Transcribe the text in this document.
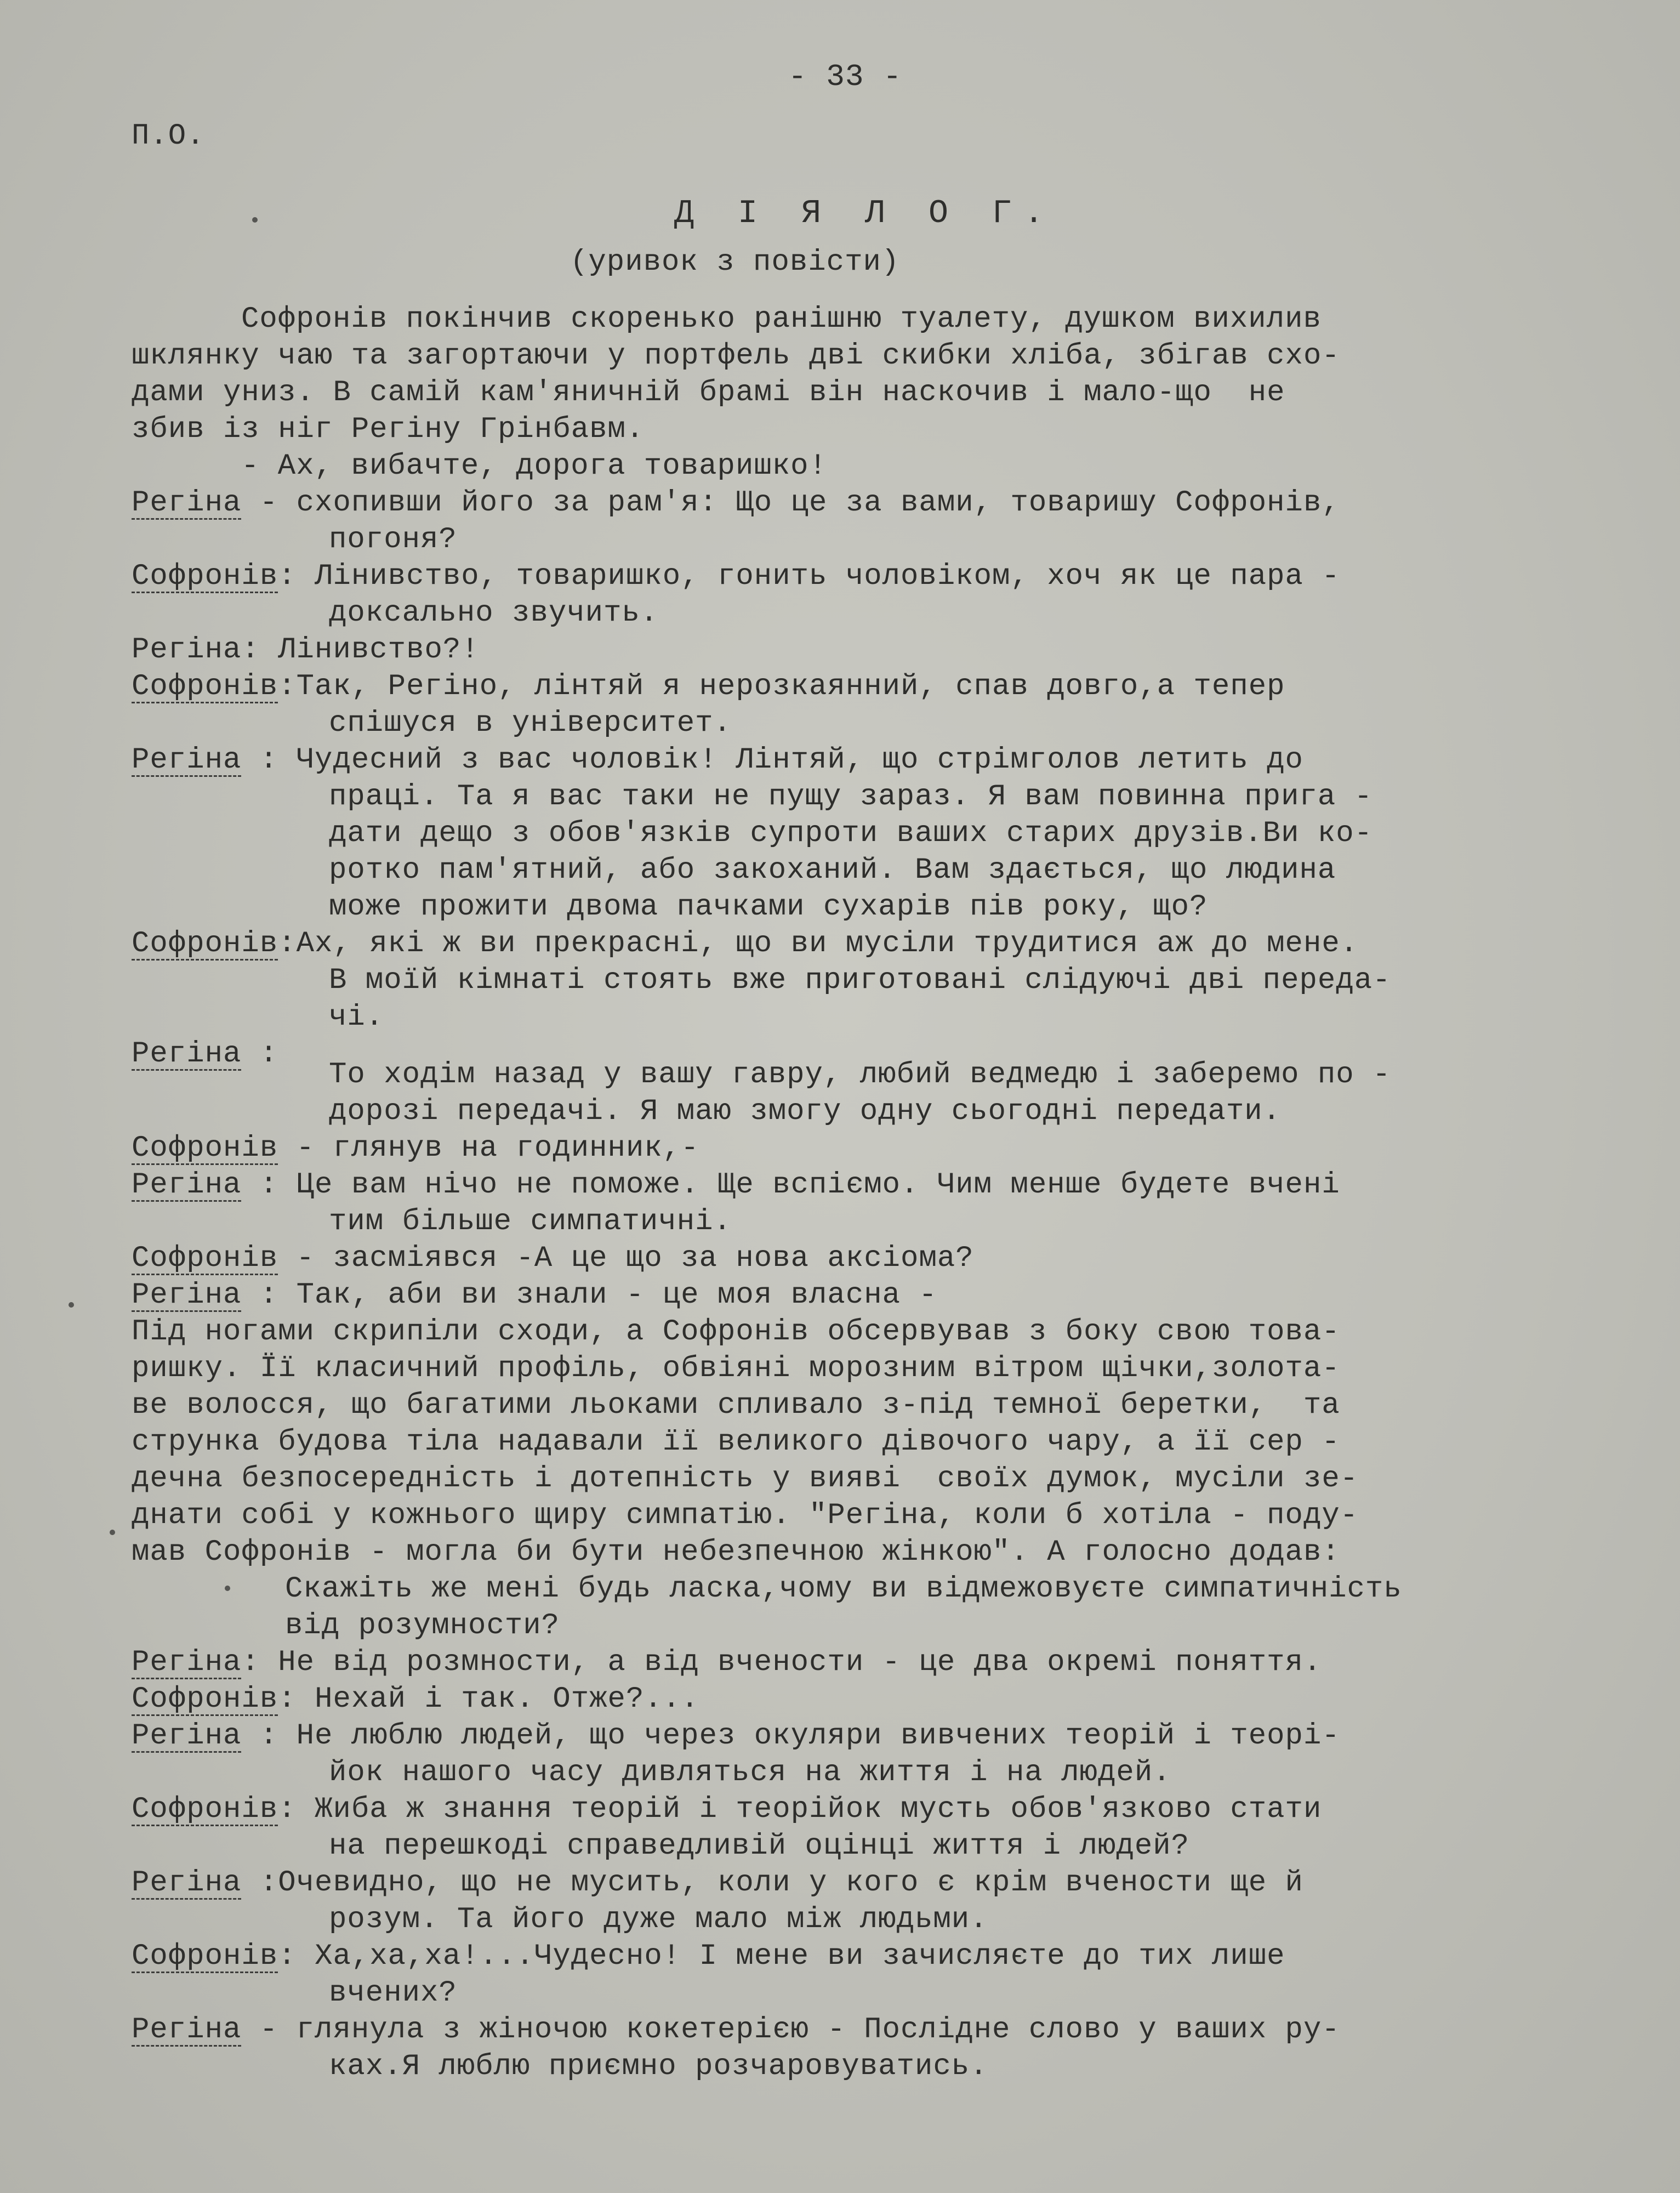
- 33 -
П.О.
Д І Я Л О Г.
(уривок з повісти)
Софронів покінчив скоренько ранішню туалету, душком вихилив
шклянку чаю та загортаючи у портфель дві скибки хліба, збігав схо-
дами униз. В самій кам'яничній брамі він наскочив і мало-що  не
збив із ніг Регіну Грінбавм.
- Ах, вибачте, дорога товаришко!
Регіна - схопивши його за рам'я: Що це за вами, товаришу Софронів,
погоня?
Софронів: Лінивство, товаришко, гонить чоловіком, хоч як це пара -
доксально звучить.
Регіна: Лінивство?!
Софронів:Так, Регіно, лінтяй я нерозкаянний, спав довго,а тепер
спішуся в університет.
Регіна : Чудесний з вас чоловік! Лінтяй, що стрімголов летить до
праці. Та я вас таки не пущу зараз. Я вам повинна прига -
дати дещо з обов'язків супроти ваших старих друзів.Ви ко-
ротко пам'ятний, або закоханий. Вам здається, що людина
може прожити двома пачками сухарів пів року, що?
Софронів:Ах, які ж ви прекрасні, що ви мусіли трудитися аж до мене.
В моїй кімнаті стоять вже приготовані слідуючі дві переда-
чі.
Регіна :
То ходім назад у вашу гавру, любий ведмедю і заберемо по -
дорозі передачі. Я маю змогу одну сьогодні передати.
Софронів - глянув на годинник,-
Регіна : Це вам нічо не поможе. Ще вспіємо. Чим менше будете вчені
тим більше симпатичні.
Софронів - засміявся -А це що за нова аксіома?
Регіна : Так, аби ви знали - це моя власна -
Під ногами скрипіли сходи, а Софронів обсервував з боку свою това-
ришку. Її класичний профіль, обвіяні морозним вітром щічки,золота-
ве волосся, що багатими льоками спливало з-під темної беретки,  та
струнка будова тіла надавали її великого дівочого чару, а її сер -
дечна безпосередність і дотепність у вияві  своїх думок, мусіли зе-
днати собі у кожнього щиру симпатію. "Регіна, коли б хотіла - поду-
мав Софронів - могла би бути небезпечною жінкою". А голосно додав:
Скажіть же мені будь ласка,чому ви відмежовуєте симпатичність
від розумности?
Регіна: Не від розмности, а від вчености - це два окремі поняття.
Софронів: Нехай і так. Отже?...
Регіна : Не люблю людей, що через окуляри вивчених теорій і теорі-
йок нашого часу дивляться на життя і на людей.
Софронів: Жиба ж знання теорій і теорійок мусть обов'язково стати
на перешкоді справедливій оцінці життя і людей?
Регіна :Очевидно, що не мусить, коли у кого є крім вчености ще й
розум. Та його дуже мало між людьми.
Софронів: Ха,ха,ха!...Чудесно! І мене ви зачисляєте до тих лише
вчених?
Регіна - глянула з жіночою кокетерією - Послідне слово у ваших ру-
ках.Я люблю приємно розчаровуватись.
